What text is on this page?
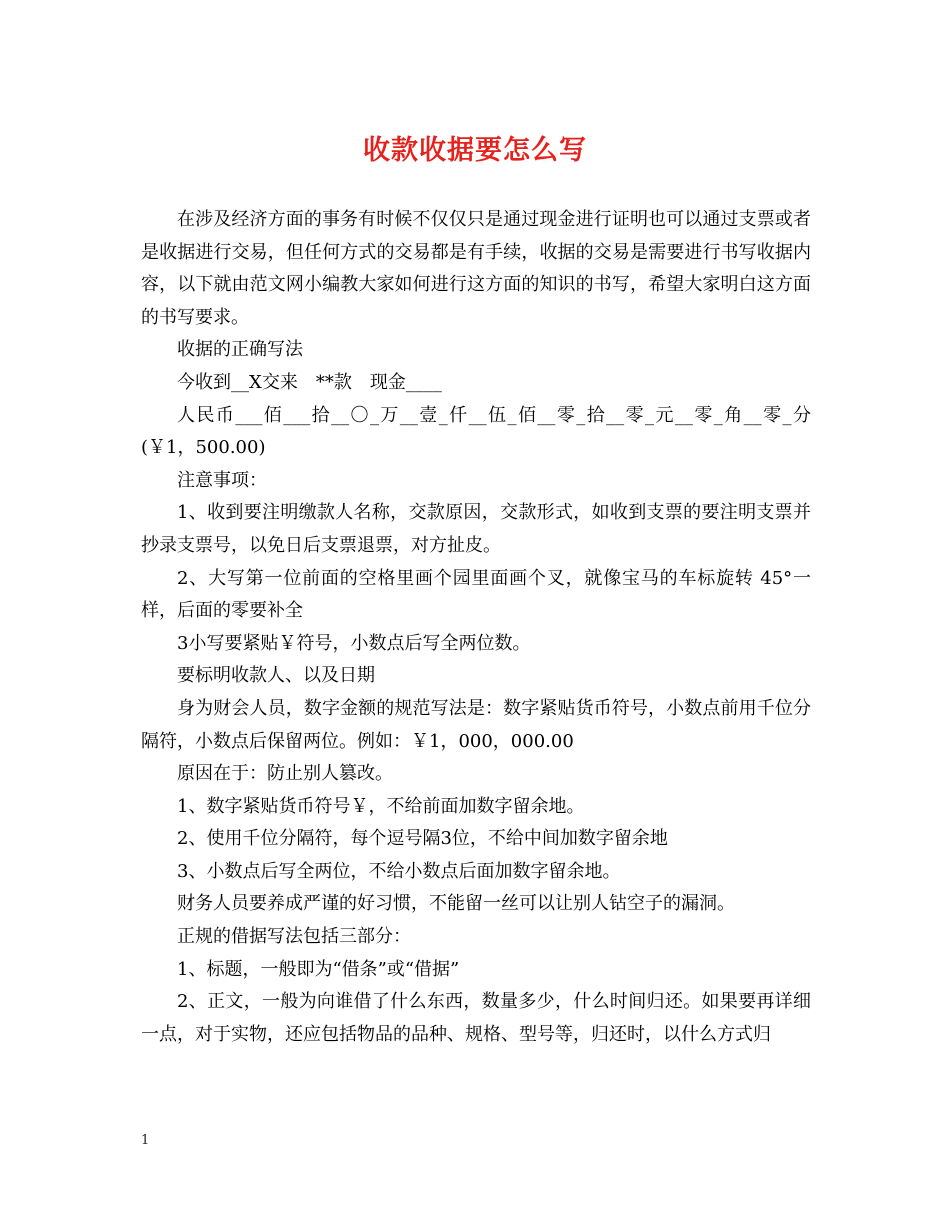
收款收据要怎么写

在涉及经济方面的事务有时候不仅仅只是通过现金进行证明也可以通过支票或者是收据进行交易，但任何方式的交易都是有手续，收据的交易是需要进行书写收据内容，以下就由范文网小编教大家如何进行这方面的知识的书写，希望大家明白这方面的书写要求。

收据的正确写法

今收到__X交来　**款　现金____

人民币___佰___拾__〇_万__壹_仟__伍_佰__零_拾__零_元__零_角__零_分(￥1，500.00)

注意事项：

1、收到要注明缴款人名称，交款原因，交款形式，如收到支票的要注明支票并抄录支票号，以免日后支票退票，对方扯皮。

2、大写第一位前面的空格里画个园里面画个叉，就像宝马的车标旋转 45°一样，后面的零要补全

3小写要紧贴￥符号，小数点后写全两位数。

要标明收款人、以及日期

身为财会人员，数字金额的规范写法是：数字紧贴货币符号，小数点前用千位分隔符，小数点后保留两位。例如：￥1，000，000.00

原因在于：防止别人篡改。

1、数字紧贴货币符号￥，不给前面加数字留余地。

2、使用千位分隔符，每个逗号隔3位，不给中间加数字留余地

3、小数点后写全两位，不给小数点后面加数字留余地。

财务人员要养成严谨的好习惯，不能留一丝可以让别人钻空子的漏洞。

正规的借据写法包括三部分：

1、标题，一般即为“借条”或“借据”

2、正文，一般为向谁借了什么东西，数量多少，什么时间归还。如果要再详细一点，对于实物，还应包括物品的品种、规格、型号等，归还时，以什么方式归

1
